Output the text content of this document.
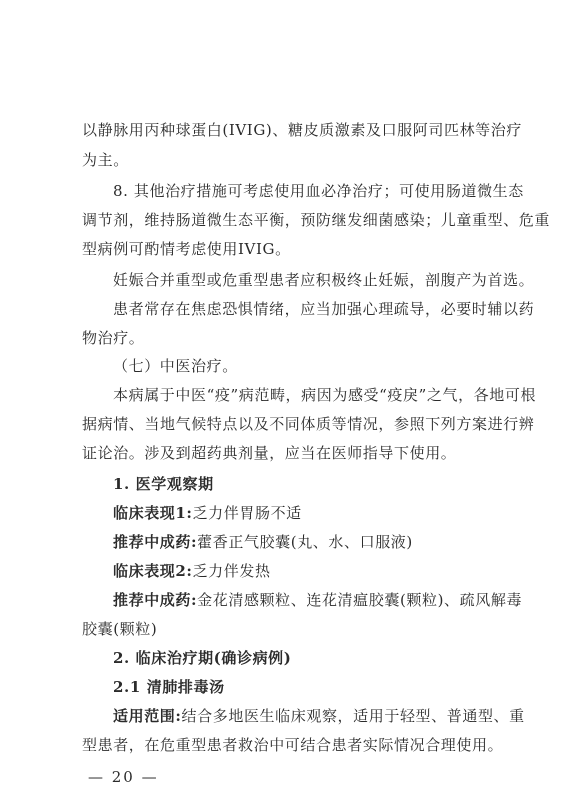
以静脉用丙种球蛋白(IVIG)、糖皮质激素及口服阿司匹林等治疗
为主。
8. 其他治疗措施可考虑使用血必净治疗；可使用肠道微生态
调节剂，维持肠道微生态平衡，预防继发细菌感染；儿童重型、危重
型病例可酌情考虑使用IVIG。
妊娠合并重型或危重型患者应积极终止妊娠，剖腹产为首选。
患者常存在焦虑恐惧情绪，应当加强心理疏导，必要时辅以药
物治疗。
（七）中医治疗。
本病属于中医“疫”病范畴，病因为感受“疫戾”之气，各地可根
据病情、当地气候特点以及不同体质等情况，参照下列方案进行辨
证论治。涉及到超药典剂量，应当在医师指导下使用。
1. 医学观察期
临床表现1:乏力伴胃肠不适
推荐中成药:藿香正气胶囊(丸、水、口服液)
临床表现2:乏力伴发热
推荐中成药:金花清感颗粒、连花清瘟胶囊(颗粒)、疏风解毒
胶囊(颗粒)
2. 临床治疗期(确诊病例)
2.1 清肺排毒汤
适用范围:结合多地医生临床观察，适用于轻型、普通型、重
型患者，在危重型患者救治中可结合患者实际情况合理使用。
— 20 —
